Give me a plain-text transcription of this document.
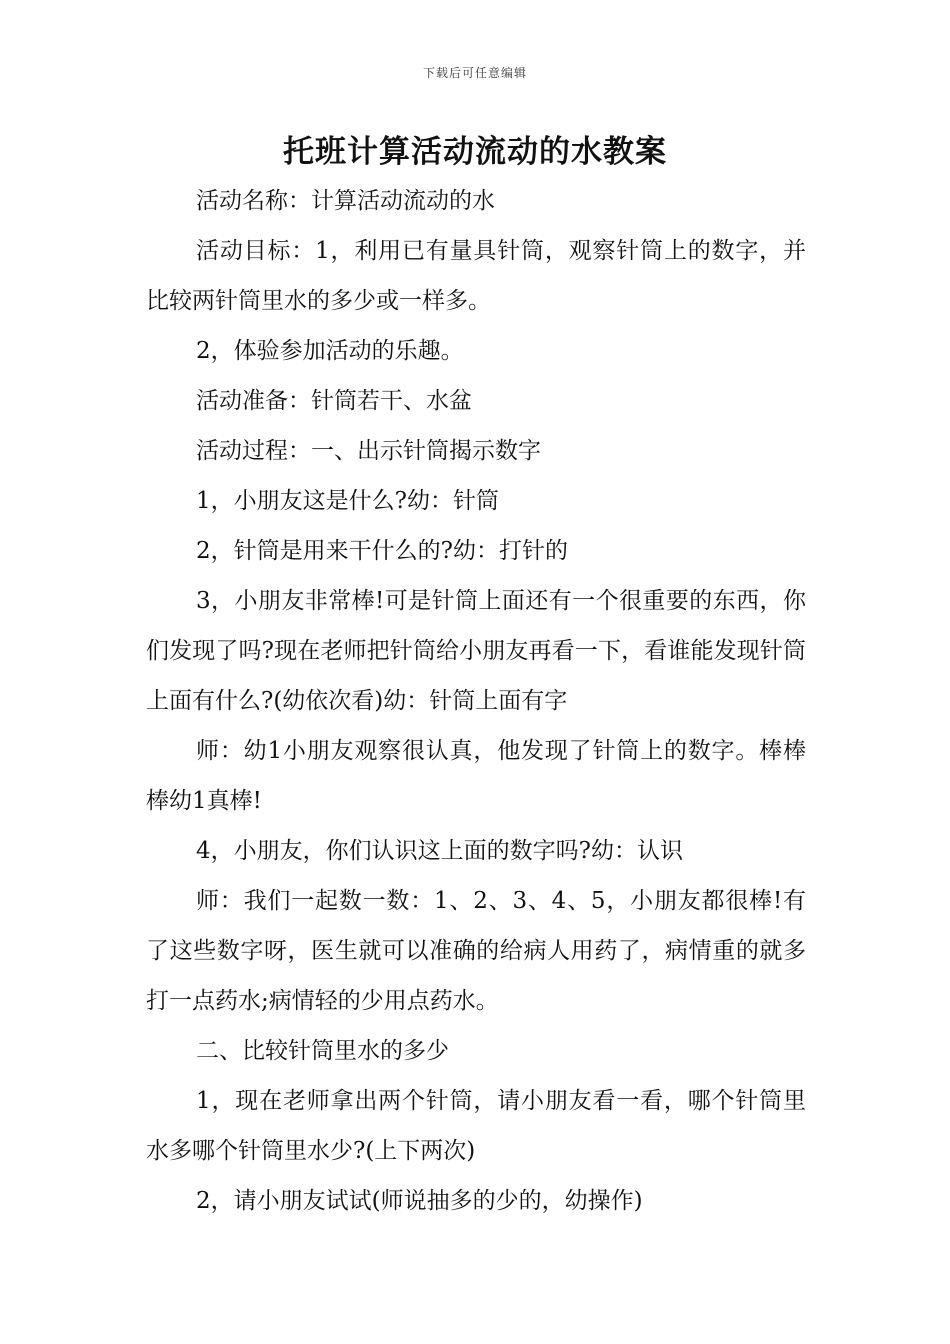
下载后可任意编辑
托班计算活动流动的水教案

活动名称：计算活动流动的水

活动目标：1，利用已有量具针筒，观察针筒上的数字，并比较两针筒里水的多少或一样多。

2，体验参加活动的乐趣。

活动准备：针筒若干、水盆

活动过程：一、出示针筒揭示数字

1，小朋友这是什么?幼：针筒

2，针筒是用来干什么的?幼：打针的

3，小朋友非常棒!可是针筒上面还有一个很重要的东西，你们发现了吗?现在老师把针筒给小朋友再看一下，看谁能发现针筒上面有什么?(幼依次看)幼：针筒上面有字

师：幼1小朋友观察很认真，他发现了针筒上的数字。棒棒棒幼1真棒!

4，小朋友，你们认识这上面的数字吗?幼：认识

师：我们一起数一数：1、2、3、4、5，小朋友都很棒!有了这些数字呀，医生就可以准确的给病人用药了，病情重的就多打一点药水;病情轻的少用点药水。

二、比较针筒里水的多少

1，现在老师拿出两个针筒，请小朋友看一看，哪个针筒里水多哪个针筒里水少?(上下两次)

2，请小朋友试试(师说抽多的少的，幼操作)
